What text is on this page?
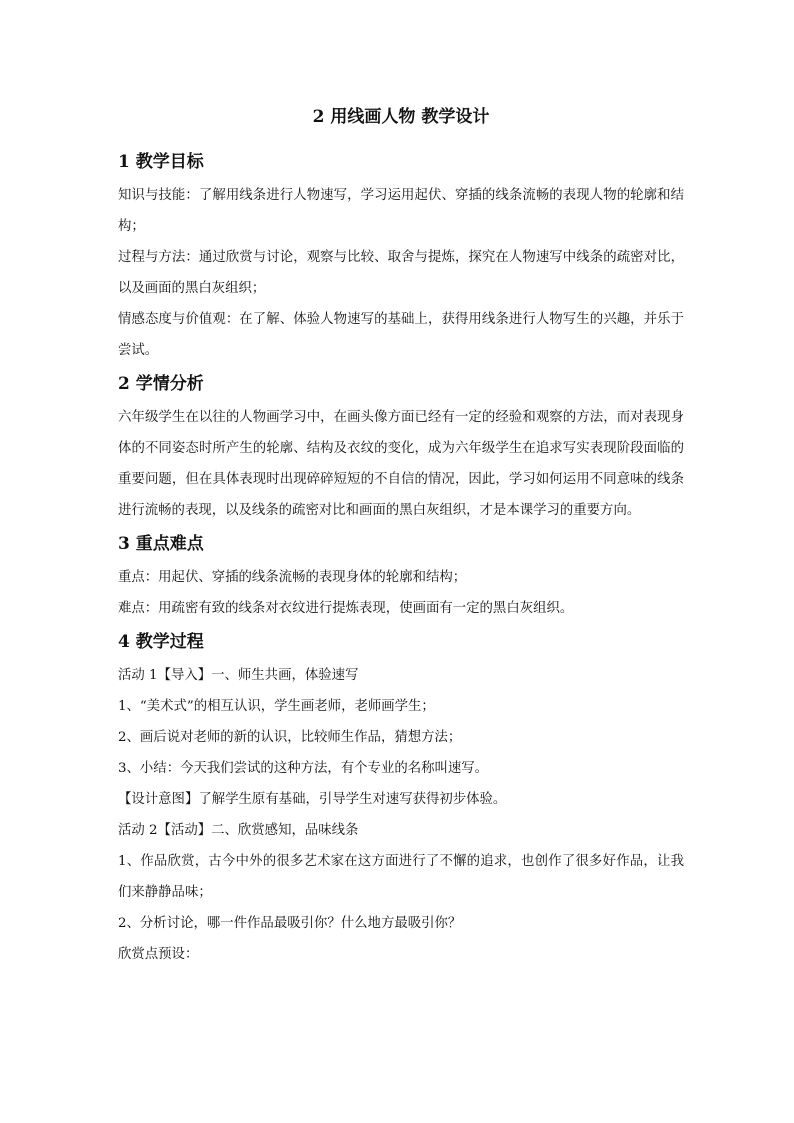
2 用线画人物 教学设计
1 教学目标

知识与技能：了解用线条进行人物速写，学习运用起伏、穿插的线条流畅的表现人物的轮廓和结构；

过程与方法：通过欣赏与讨论，观察与比较、取舍与提炼，探究在人物速写中线条的疏密对比，以及画面的黑白灰组织；

情感态度与价值观：在了解、体验人物速写的基础上，获得用线条进行人物写生的兴趣，并乐于尝试。

2 学情分析

六年级学生在以往的人物画学习中，在画头像方面已经有一定的经验和观察的方法，而对表现身体的不同姿态时所产生的轮廓、结构及衣纹的变化，成为六年级学生在追求写实表现阶段面临的重要问题，但在具体表现时出现碎碎短短的不自信的情况，因此，学习如何运用不同意味的线条进行流畅的表现，以及线条的疏密对比和画面的黑白灰组织，才是本课学习的重要方向。

3 重点难点

重点：用起伏、穿插的线条流畅的表现身体的轮廓和结构；

难点：用疏密有致的线条对衣纹进行提炼表现，使画面有一定的黑白灰组织。

4 教学过程

活动 1【导入】一、师生共画，体验速写

1、“美术式”的相互认识，学生画老师，老师画学生；

2、画后说对老师的新的认识，比较师生作品，猜想方法；

3、小结：今天我们尝试的这种方法，有个专业的名称叫速写。

【设计意图】了解学生原有基础，引导学生对速写获得初步体验。

活动 2【活动】二、欣赏感知，品味线条

1、作品欣赏，古今中外的很多艺术家在这方面进行了不懈的追求，也创作了很多好作品，让我们来静静品味；

2、分析讨论，哪一件作品最吸引你？什么地方最吸引你？

欣赏点预设：
